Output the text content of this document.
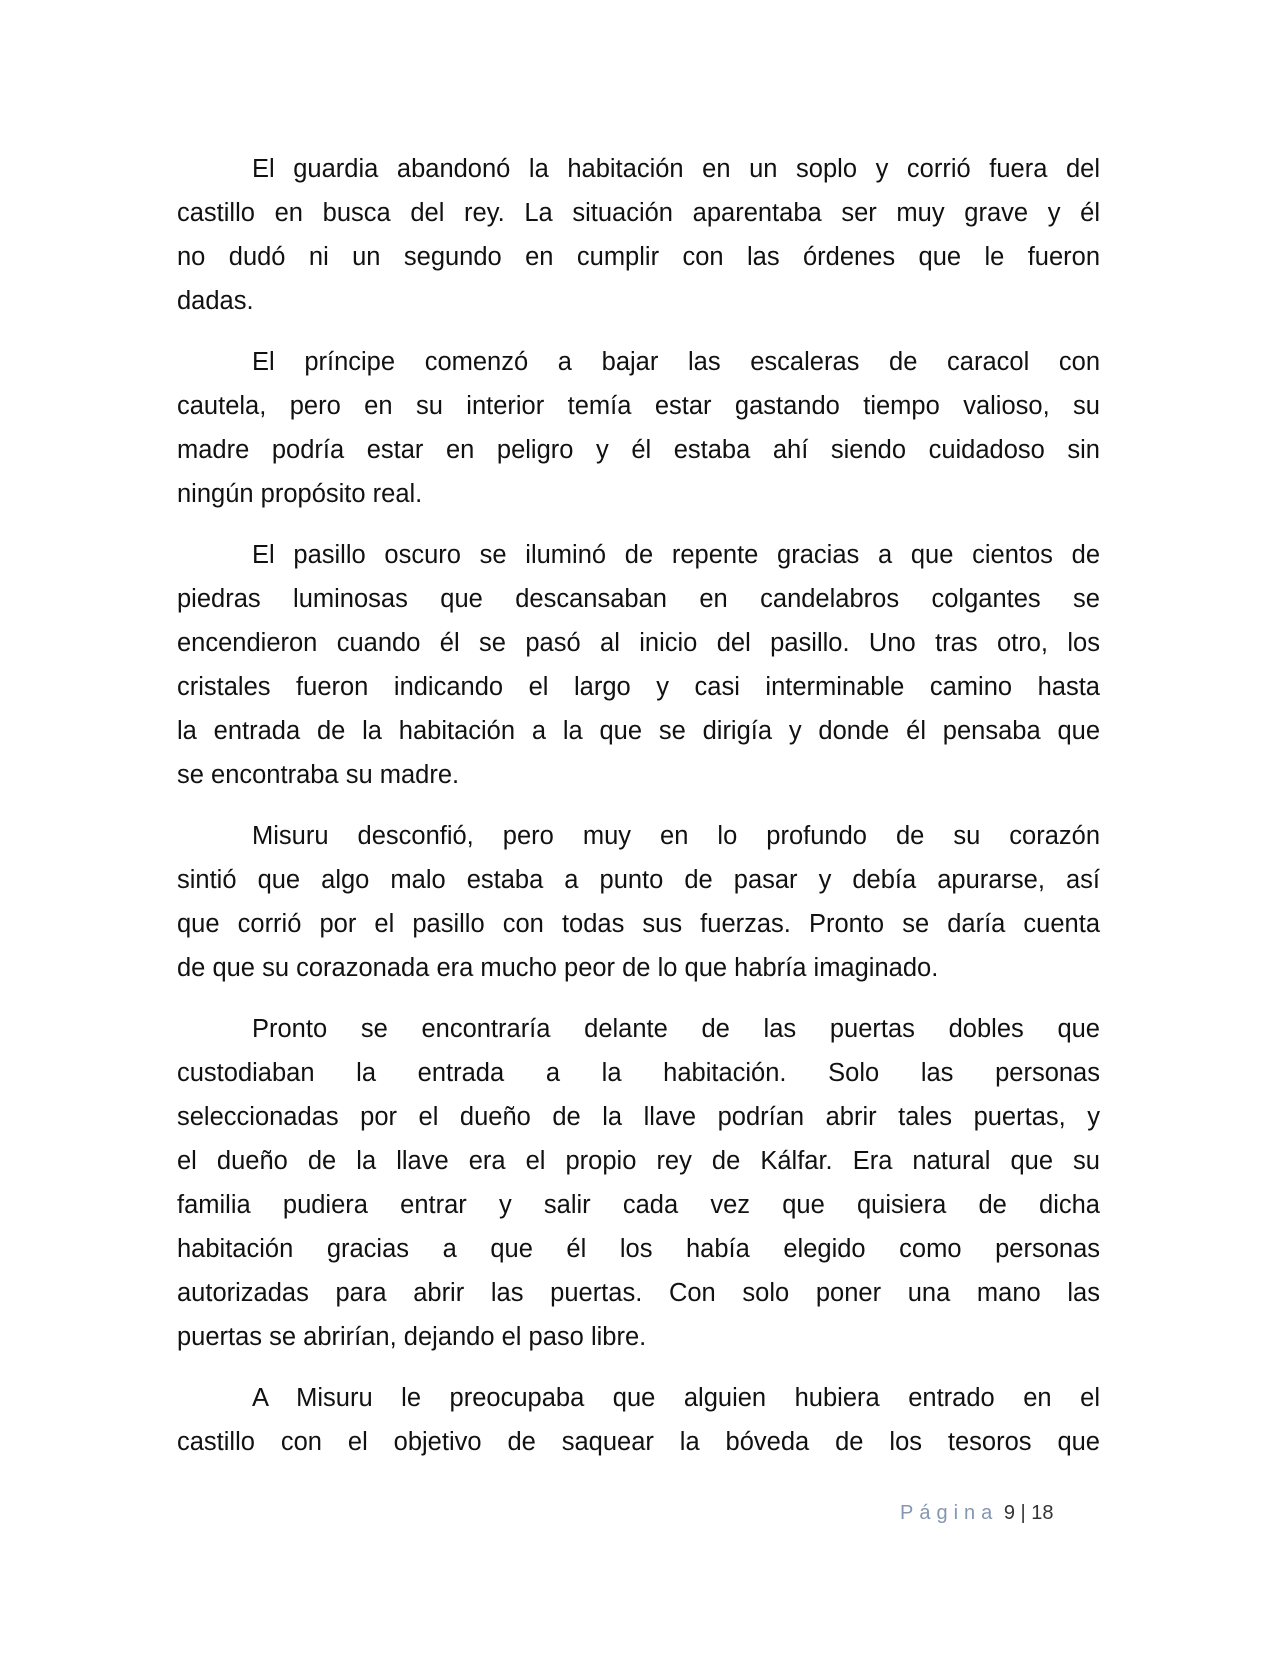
El guardia abandonó la habitación en un soplo y corrió fuera del
castillo en busca del rey. La situación aparentaba ser muy grave y él
no dudó ni un segundo en cumplir con las órdenes que le fueron
dadas.
El príncipe comenzó a bajar las escaleras de caracol con
cautela, pero en su interior temía estar gastando tiempo valioso, su
madre podría estar en peligro y él estaba ahí siendo cuidadoso sin
ningún propósito real.
El pasillo oscuro se iluminó de repente gracias a que cientos de
piedras luminosas que descansaban en candelabros colgantes se
encendieron cuando él se pasó al inicio del pasillo. Uno tras otro, los
cristales fueron indicando el largo y casi interminable camino hasta
la entrada de la habitación a la que se dirigía y donde él pensaba que
se encontraba su madre.
Misuru desconfió, pero muy en lo profundo de su corazón
sintió que algo malo estaba a punto de pasar y debía apurarse, así
que corrió por el pasillo con todas sus fuerzas. Pronto se daría cuenta
de que su corazonada era mucho peor de lo que habría imaginado.
Pronto se encontraría delante de las puertas dobles que
custodiaban la entrada a la habitación. Solo las personas
seleccionadas por el dueño de la llave podrían abrir tales puertas, y
el dueño de la llave era el propio rey de Kálfar. Era natural que su
familia pudiera entrar y salir cada vez que quisiera de dicha
habitación gracias a que él los había elegido como personas
autorizadas para abrir las puertas. Con solo poner una mano las
puertas se abrirían, dejando el paso libre.
A Misuru le preocupaba que alguien hubiera entrado en el
castillo con el objetivo de saquear la bóveda de los tesoros que
Página 9 | 18
